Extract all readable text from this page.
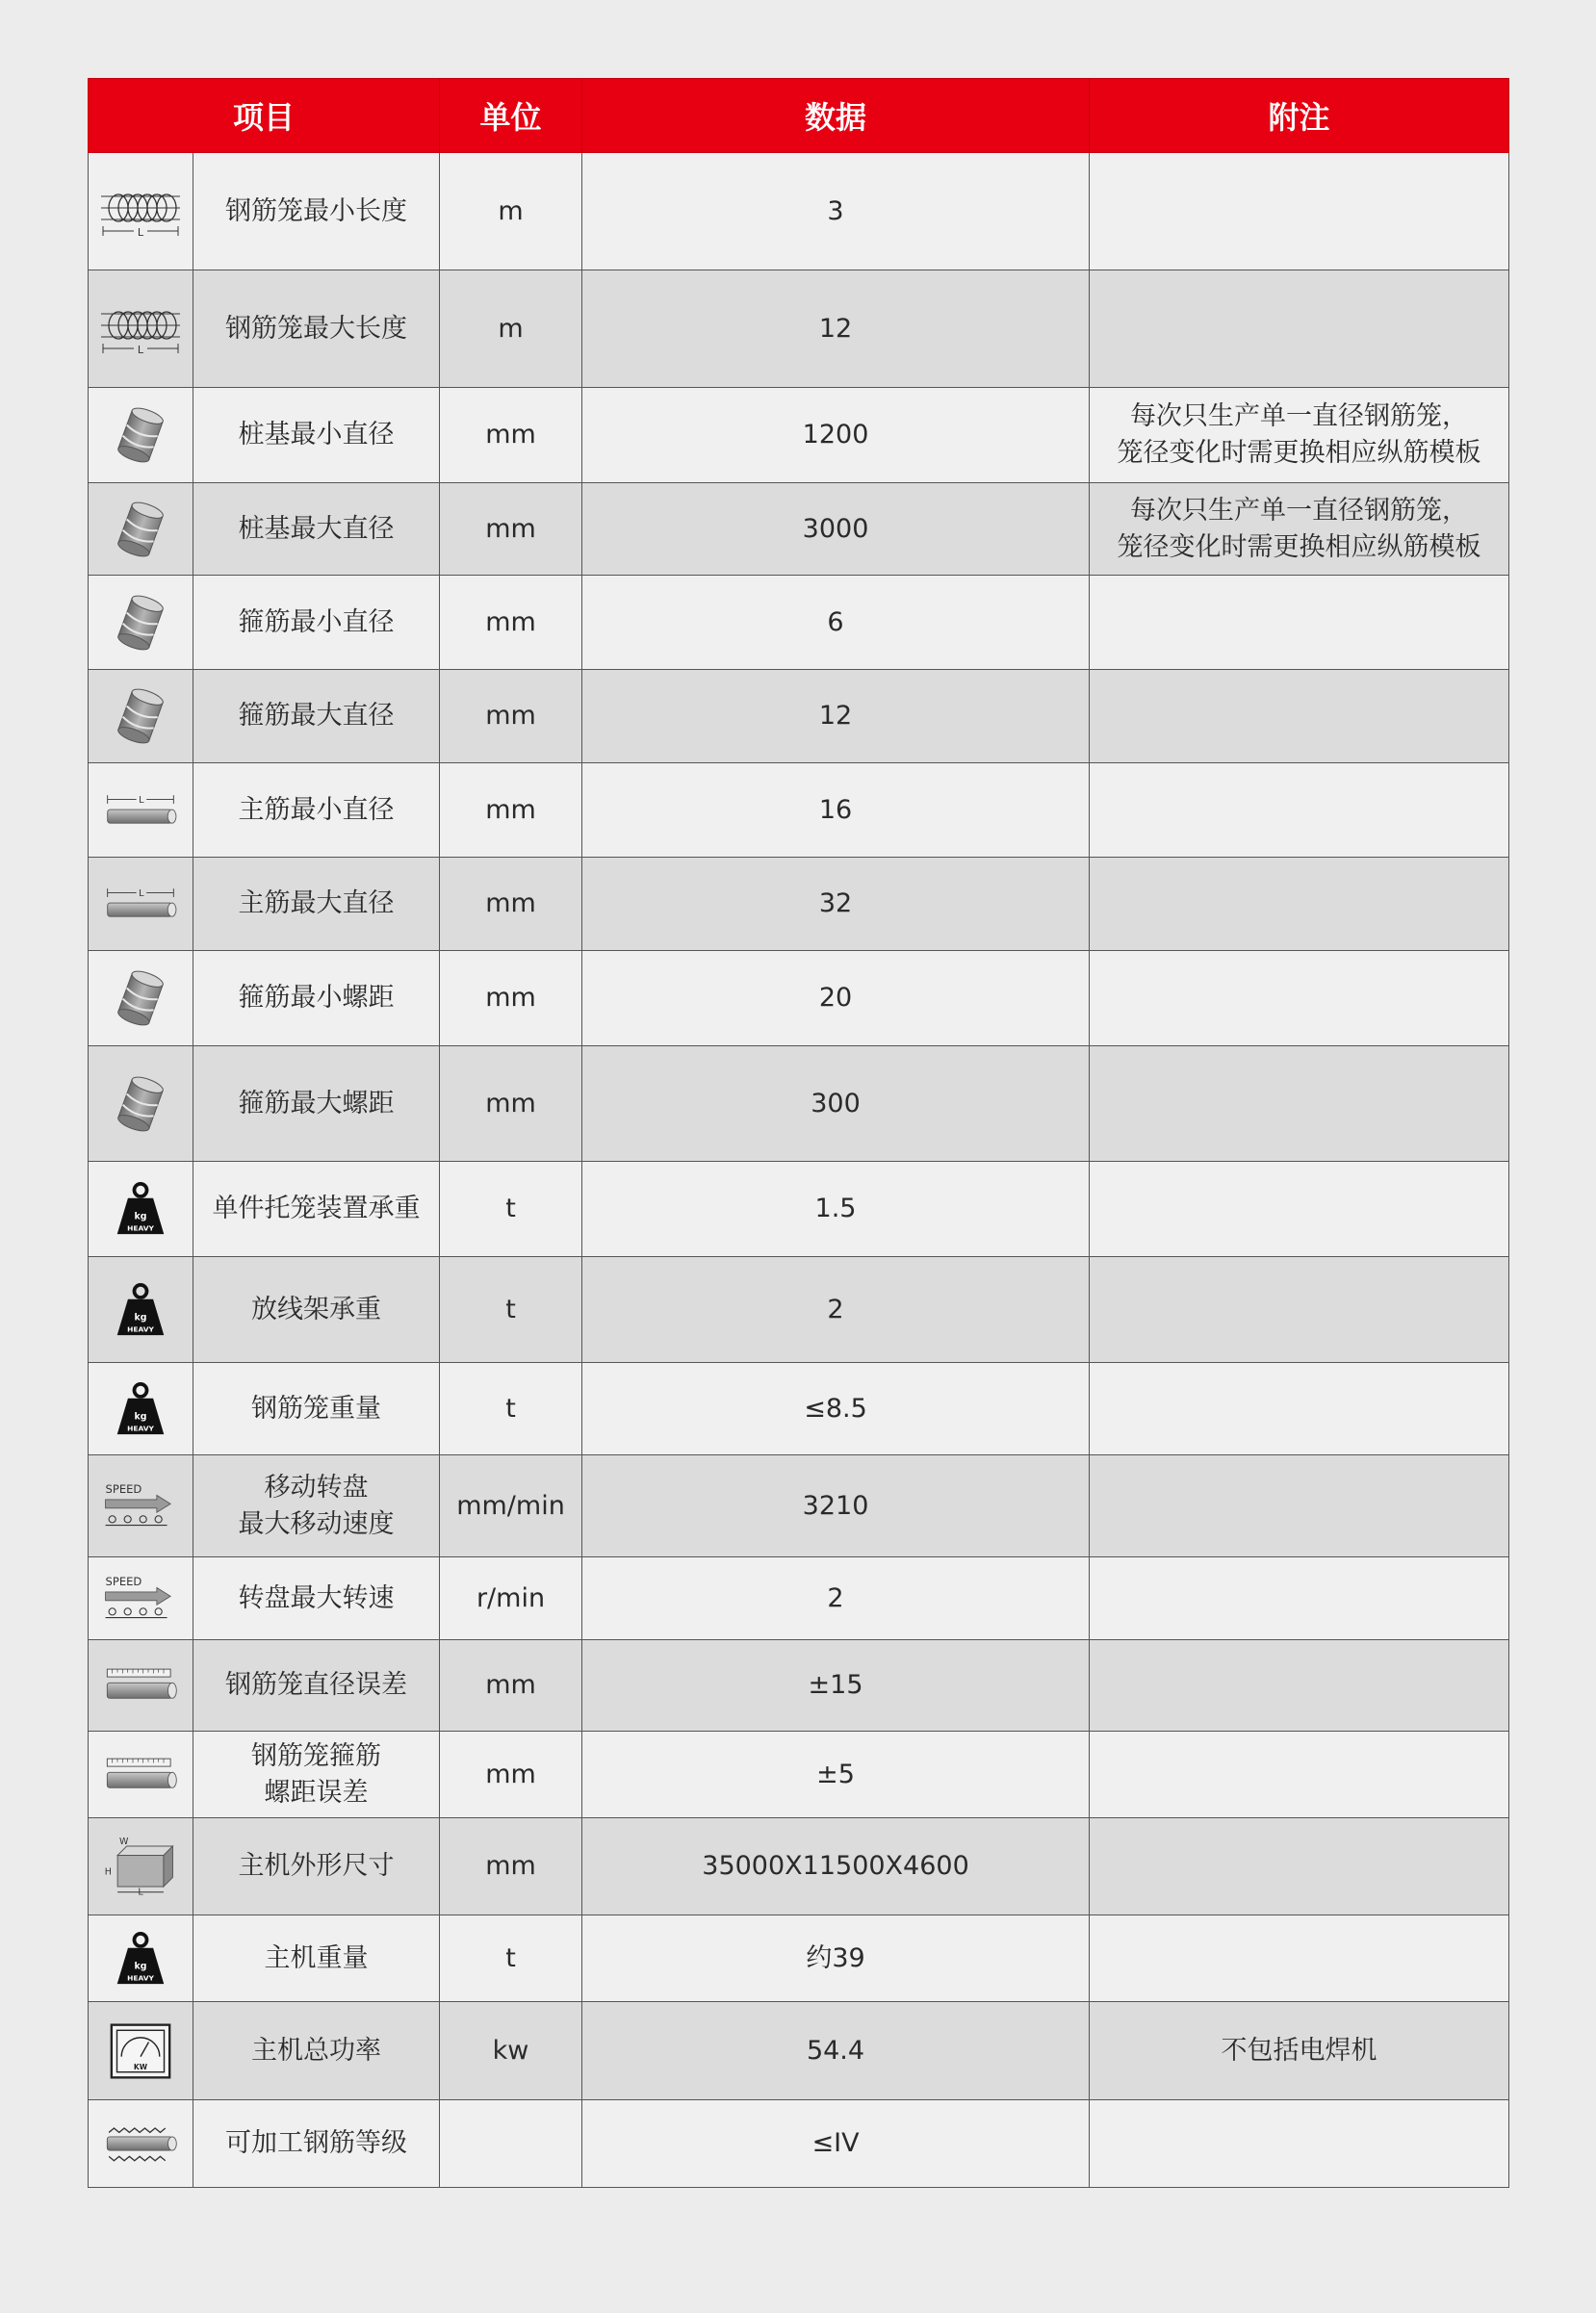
项目		单位	数据	附注

	钢筋笼最小长度	m	3	

	钢筋笼最大长度	m	12	

	桩基最小直径	mm	1200	每次只生产单一直径钢筋笼，
笼径变化时需更换相应纵筋模板

	桩基最大直径	mm	3000	每次只生产单一直径钢筋笼，
笼径变化时需更换相应纵筋模板

	箍筋最小直径	mm	6	

	箍筋最大直径	mm	12	

	主筋最小直径	mm	16	

	主筋最大直径	mm	32	

	箍筋最小螺距	mm	20	

	箍筋最大螺距	mm	300	

	单件托笼装置承重	t	1.5	

	放线架承重	t	2	

	钢筋笼重量	t	≤8.5	

移动转盘
最大移动速度	mm/min	3210	

	转盘最大转速	r/min	2	

	钢筋笼直径误差	mm	±15	

钢筋笼箍筋
螺距误差	mm	±5	

	主机外形尺寸	mm	35000X11500X4600	

	主机重量	t	约39	

	主机总功率	kw	54.4	不包括电焊机

	可加工钢筋等级		≤IV	
